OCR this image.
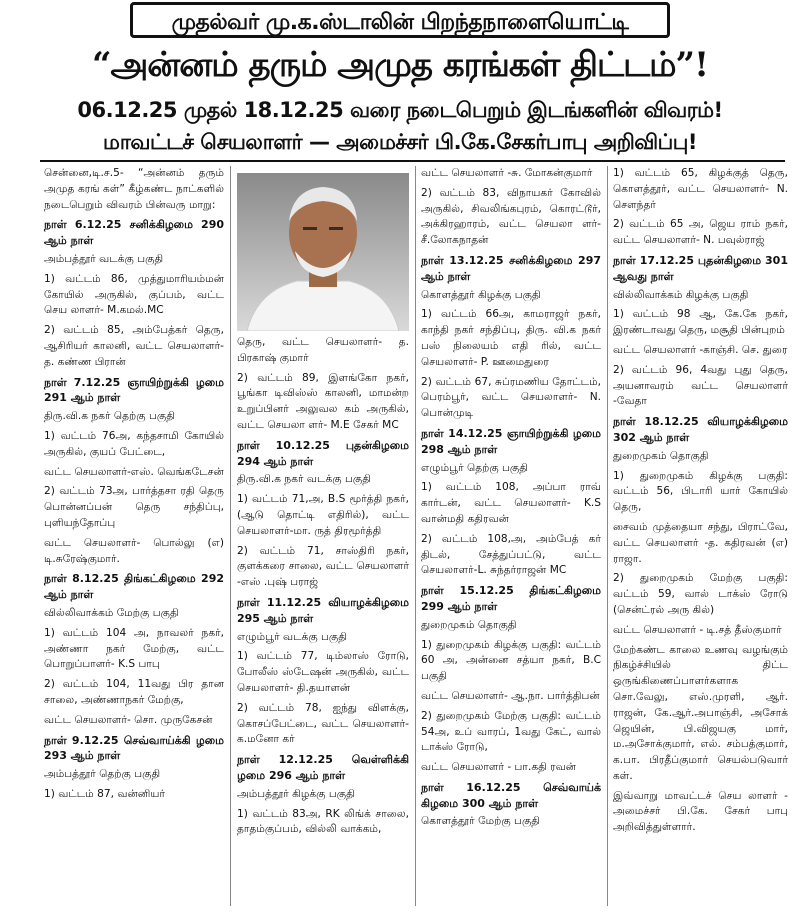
முதல்வர் மு.க.ஸ்டாலின் பிறந்தநாளையொட்டி
“அன்னம் தரும் அமுத கரங்கள் திட்டம்”!
06.12.25 முதல் 18.12.25 வரை நடைபெறும் இடங்களின் விவரம்!
மாவட்டச் செயலாளர் — அமைச்சர் பி.கே.சேகர்பாபு அறிவிப்பு!

சென்னை,டி.ச.5- “அன்னம் தரும் அமுத கரங் கள்” கீழ்கண்ட நாட்களில் நடைபெறும் விவரம் பின்வரு மாறு:

நாள் 6.12.25 சனிக்கிழமை 290 ஆம் நாள்

அம்பத்தூர் வடக்கு பகுதி

1) வட்டம் 86, முத்துமாரியம்மன் கோயில் அருகில், குப்பம், வட்ட செய லாளர்- M.கமல்.MC

2) வட்டம் 85, அம்பேத்கர் தெரு, ஆசிரியர் காலனி, வட்ட செயலாளர்-த. கண்ண பிரான்

நாள் 7.12.25 ஞாயிற்றுக்கி ழமை 291 ஆம் நாள்

திரு.வி.க நகர் தெற்கு பகுதி

1) வட்டம் 76அ, கந்தசாமி கோயில் அருகில், குயப் பேட்டை,

வட்ட செயலாளர்-எஸ். வெங்கடேசன்

2) வட்டம் 73அ, பார்த்தசா ரதி தெரு பொன்னப்பன் தெரு சந்திப்பு, புளியந்தோப்பு

வட்ட செயலாளர்- பொல்லு (எ) டி.சுரேஷ்குமார்.

நாள் 8.12.25 திங்கட்கிழமை 292 ஆம் நாள்

வில்லிவாக்கம் மேற்கு பகுதி

1) வட்டம் 104 அ, நாவலர் நகர், அண்ணா நகர் மேற்கு, வட்ட பொறுப்பாளர்- K.S பாபு

2) வட்டம் 104, 11வது பிர தான சாலை, அண்ணாநகர் மேற்கு,

வட்ட செயலாளர்- சொ. முருகேசன்

நாள் 9.12.25 செவ்வாய்க்கி ழமை 293 ஆம் நாள்

அம்பத்தூர் தெற்கு பகுதி

1) வட்டம் 87, வன்னியர்

தெரு, வட்ட செயலாளர்- த. பிரகாஷ் குமார்

2) வட்டம் 89, இளங்கோ நகர், பூங்கா டிவிஸ்ஸ் காலனி, மாமன்ற உறுப்பினர் அலுவல கம் அருகில், வட்ட செயலா ளர்- M.E சேகர் MC

நாள் 10.12.25 புதன்கிழமை 294 ஆம் நாள்

திரு.வி.க நகர் வடக்கு பகுதி

1) வட்டம் 71,அ, B.S மூர்த்தி நகர், (ஆடு தொட்டி எதிரில்), வட்ட செயலாளர்-மா. ருத் திரமூர்த்தி

2) வட்டம் 71, சாஸ்திரி நகர், குளக்கரை சாலை, வட்ட செயலாளர் -எஸ் .புஷ் பராஜ்

நாள் 11.12.25 வியாழக்கிழமை 295 ஆம் நாள்

எழும்பூர் வடக்கு பகுதி

1) வட்டம் 77, டிம்லாஸ் ரோடு, போலீஸ் ஸ்டேஷன் அருகில், வட்ட செயலாளர்- தி.தயாளன்

2) வட்டம் 78, ஐந்து விளக்கு, கொசப்பேட்டை, வட்ட செயலாளர்-க.மனோ கர்

நாள் 12.12.25 வெள்ளிக்கி ழமை 296 ஆம் நாள்

அம்பத்தூர் கிழக்கு பகுதி

1) வட்டம் 83அ, RK லிங்க் சாலை, தாதம்குப்பம், வில்லி வாக்கம்,

வட்ட செயலாளர் -சு. மோகன்குமார்

2) வட்டம் 83, விநாயகர் கோவில் அருகில், சிவலிங்கபுரம், கொரட்டூர், அக்கிரஹாரம், வட்ட செயலா ளர்- சீ.லோகநாதன்

நாள் 13.12.25 சனிக்கிழமை 297 ஆம் நாள்

கொளத்தூர் கிழக்கு பகுதி

1) வட்டம் 66அ, காமராஜர் நகர், காந்தி நகர் சந்திப்பு, திரு. வி.க நகர் பஸ் நிலையம் எதி ரில், வட்ட செயலாளர்- P. ஊமைதுரை

2) வட்டம் 67, சுப்ரமணிய தோட்டம், பெரம்பூர், வட்ட செயலாளர்- N. பொன்முடி

நாள் 14.12.25 ஞாயிற்றுக்கி ழமை 298 ஆம் நாள்

எழும்பூர் தெற்கு பகுதி

1) வட்டம் 108, அப்பா ராவ் கார்டன், வட்ட செயலாளர்- K.S வான்மதி கதிரவன்

2) வட்டம் 108,அ, அம்பேத் கர் திடல், சேத்துப்பட்டு, வட்ட செயலாளர்-L. சுந்தர்ராஜன் MC

நாள் 15.12.25 திங்கட்கிழமை 299 ஆம் நாள்

துறைமுகம் தொகுதி

1) துறைமுகம் கிழக்கு பகுதி: வட்டம் 60 அ, அன்னை சத்யா நகர், B.C பகுதி

வட்ட செயலாளர்- ஆ.நா. பார்த்திபன்

2) துறைமுகம் மேற்கு பகுதி: வட்டம் 54அ, உப் வாரப், 1வது கேட், வால் டாக்ஸ் ரோடு,

வட்ட செயலாளர் - பா.கதி ரவன்

நாள் 16.12.25 செவ்வாய்க் கிழமை 300 ஆம் நாள்

கொளத்தூர் மேற்கு பகுதி

1) வட்டம் 65, கிழக்குத் தெரு, கொளத்தூர், வட்ட செயலாளர்- N. சௌந்தர்

2) வட்டம் 65 அ, ஜெய ராம் நகர், வட்ட செயலாளர்- N. பவுல்ராஜ்

நாள் 17.12.25 புதன்கிழமை 301 ஆவது நாள்

வில்லிவாக்கம் கிழக்கு பகுதி

1) வட்டம் 98 ஆ, கே.கே நகர், இரண்டாவது தெரு, மசூதி பின்புறம்

வட்ட செயலாளர் -காஞ்சி. செ. துரை

2) வட்டம் 96, 4வது புது தெரு, அயனாவரம் வட்ட செயலாளர் -வேதா

நாள் 18.12.25 வியாழக்கிழமை 302 ஆம் நாள்

துறைமுகம் தொகுதி

1) துறைமுகம் கிழக்கு பகுதி: வட்டம் 56, பிடாரி யார் கோயில் தெரு,

சைவம் முத்தையா சந்து, பிராட்வே, வட்ட செயலாளர் -த. கதிரவன் (எ) ராஜா.

2) துறைமுகம் மேற்கு பகுதி: வட்டம் 59, வால் டாக்ஸ் ரோடு (சென்ட்ரல் அரு கில்)

வட்ட செயலாளர் - டி.சத் தீஸ்குமார்

மேற்கண்ட காலை உணவு வழங்கும் நிகழ்ச்சியில் திட்ட ஒருங்கிணைப்பாளர்களாக சொ.வேலு, எஸ்.முரளி, ஆர். ராஜன், கே.ஆர்.அபாஞ்சி, அசோக் ஜெயின், பி.விஜயகு மார், ம.அசோக்குமார், எல். சம்பத்குமார், க.பா. பிரதீப்குமார் செயல்படுவார் கள்.

இவ்வாறு மாவட்டச் செய லாளர் - அமைச்சர் பி.கே. சேகர் பாபு அறிவித்துள்ளார்.
